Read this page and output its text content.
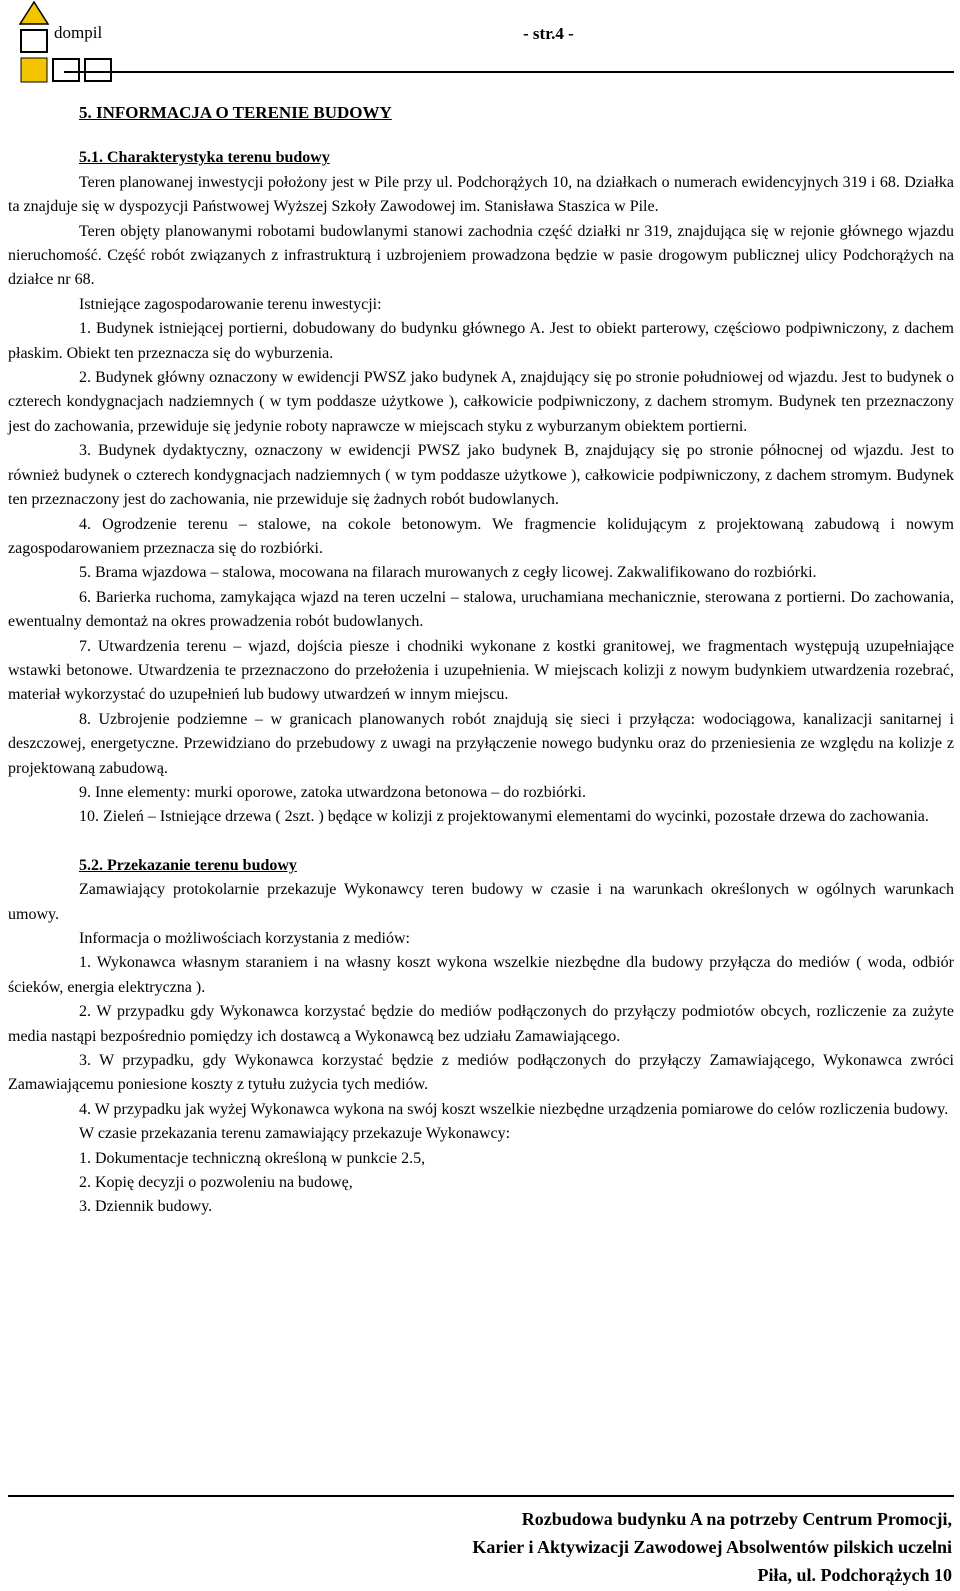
dompil	- str.4 -

5. INFORMACJA O TERENIE BUDOWY

5.1. Charakterystyka terenu budowy

Teren planowanej inwestycji położony jest w Pile przy ul. Podchorążych 10, na działkach o numerach ewidencyjnych 319 i 68. Działka ta znajduje się w dyspozycji Państwowej Wyższej Szkoły Zawodowej im. Stanisława Staszica w Pile.

Teren objęty planowanymi robotami budowlanymi stanowi zachodnia część działki nr 319, znajdująca się w rejonie głównego wjazdu nieruchomość. Część robót związanych z infrastrukturą i uzbrojeniem prowadzona będzie w pasie drogowym publicznej ulicy Podchorążych na działce nr 68.

Istniejące zagospodarowanie terenu inwestycji:

1. Budynek istniejącej portierni, dobudowany do budynku głównego A. Jest to obiekt parterowy, częściowo podpiwniczony, z dachem płaskim. Obiekt ten przeznacza się do wyburzenia.

2. Budynek główny oznaczony w ewidencji PWSZ jako budynek A, znajdujący się po stronie południowej od wjazdu. Jest to budynek o czterech kondygnacjach nadziemnych ( w tym poddasze użytkowe ), całkowicie podpiwniczony, z dachem stromym. Budynek ten przeznaczony jest do zachowania, przewiduje się jedynie roboty naprawcze w miejscach styku z wyburzanym obiektem portierni.

3. Budynek dydaktyczny, oznaczony w ewidencji PWSZ jako budynek B, znajdujący się po stronie północnej od wjazdu. Jest to również budynek o czterech kondygnacjach nadziemnych ( w tym poddasze użytkowe ), całkowicie podpiwniczony, z dachem stromym. Budynek ten przeznaczony jest do zachowania, nie przewiduje się żadnych robót budowlanych.

4. Ogrodzenie terenu – stalowe, na cokole betonowym. We fragmencie kolidującym z projektowaną zabudową i nowym zagospodarowaniem przeznacza się do rozbiórki.

5. Brama wjazdowa – stalowa, mocowana na filarach murowanych z cegły licowej. Zakwalifikowano do rozbiórki.

6. Barierka ruchoma, zamykająca wjazd na teren uczelni – stalowa, uruchamiana mechanicznie, sterowana z portierni. Do zachowania, ewentualny demontaż na okres prowadzenia robót budowlanych.

7. Utwardzenia terenu – wjazd, dojścia piesze i chodniki wykonane z kostki granitowej, we fragmentach występują uzupełniające wstawki betonowe. Utwardzenia te przeznaczono do przełożenia i uzupełnienia. W miejscach kolizji z nowym budynkiem utwardzenia rozebrać, materiał wykorzystać do uzupełnień lub budowy utwardzeń w innym miejscu.

8. Uzbrojenie podziemne – w granicach planowanych robót znajdują się sieci i przyłącza: wodociągowa, kanalizacji sanitarnej i deszczowej, energetyczne. Przewidziano do przebudowy z uwagi na przyłączenie nowego budynku oraz do przeniesienia ze względu na kolizje z projektowaną zabudową.

9. Inne elementy: murki oporowe, zatoka utwardzona betonowa – do rozbiórki.

10. Zieleń – Istniejące drzewa ( 2szt. ) będące w kolizji z projektowanymi elementami do wycinki, pozostałe drzewa do zachowania.

5.2. Przekazanie terenu budowy

Zamawiający protokolarnie przekazuje Wykonawcy teren budowy w czasie i na warunkach określonych w ogólnych warunkach umowy.

Informacja o możliwościach korzystania z mediów:

1. Wykonawca własnym staraniem i na własny koszt wykona wszelkie niezbędne dla budowy przyłącza do mediów ( woda, odbiór ścieków, energia elektryczna ).

2. W przypadku gdy Wykonawca korzystać będzie do mediów podłączonych do przyłączy podmiotów obcych, rozliczenie za zużyte media nastąpi bezpośrednio pomiędzy ich dostawcą a Wykonawcą bez udziału Zamawiającego.

3. W przypadku, gdy Wykonawca korzystać będzie z mediów podłączonych do przyłączy Zamawiającego, Wykonawca zwróci Zamawiającemu poniesione koszty z tytułu zużycia tych mediów.

4. W przypadku jak wyżej Wykonawca wykona na swój koszt wszelkie niezbędne urządzenia pomiarowe do celów rozliczenia budowy.

W czasie przekazania terenu zamawiający przekazuje Wykonawcy:

1. Dokumentacje techniczną określoną w punkcie 2.5,

2. Kopię decyzji o pozwoleniu na budowę,

3. Dziennik budowy.

Rozbudowa budynku A na potrzeby Centrum Promocji,
Karier i Aktywizacji Zawodowej Absolwentów pilskich uczelni
Piła, ul. Podchorążych 10
